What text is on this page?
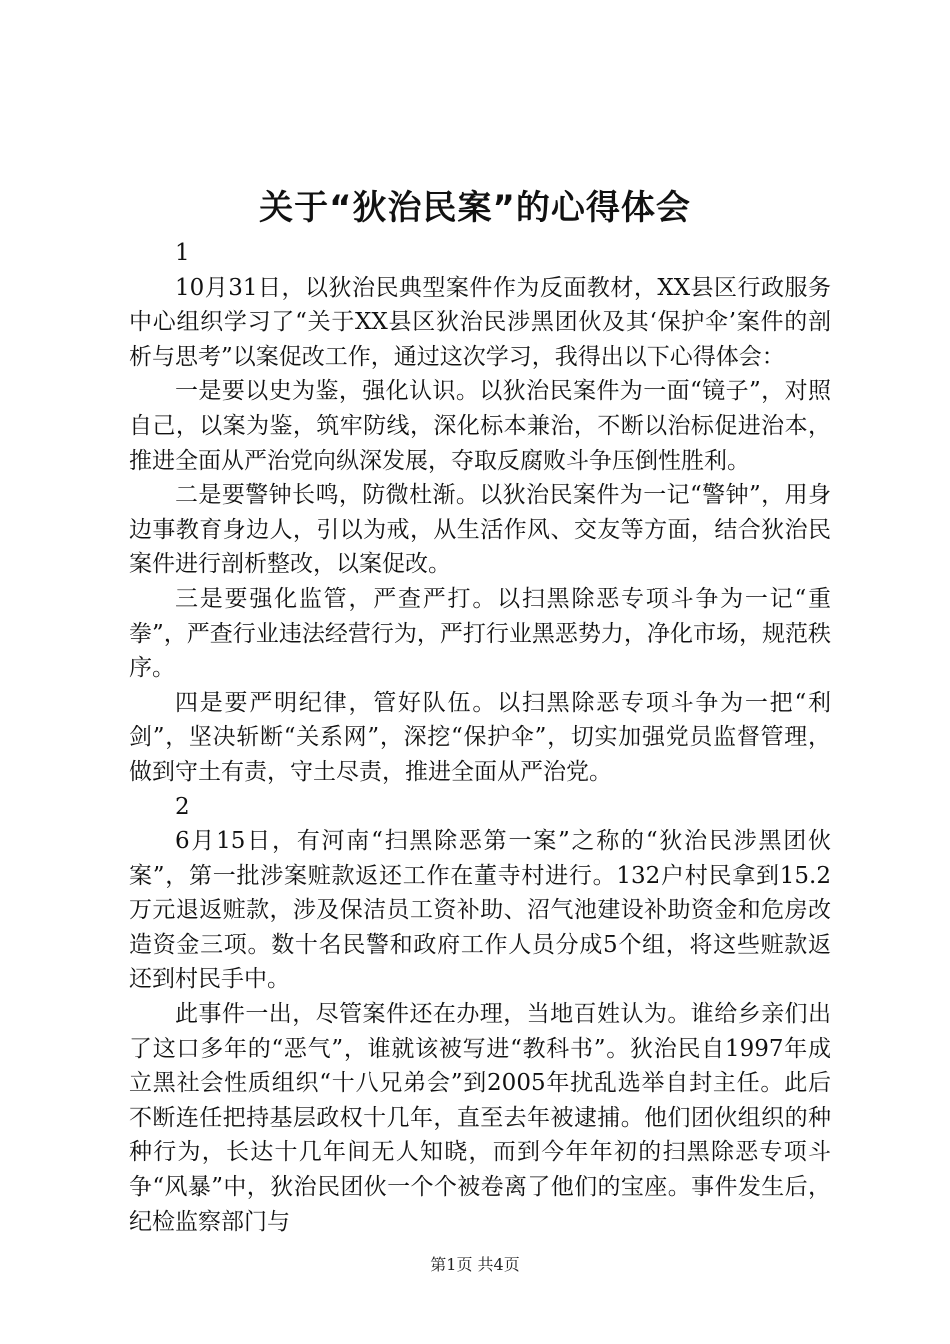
关于“狄治民案”的心得体会

1

10月31日，以狄治民典型案件作为反面教材，XX县区行政服务中心组织学习了“关于XX县区狄治民涉黑团伙及其‘保护伞’案件的剖析与思考”以案促改工作，通过这次学习，我得出以下心得体会：

一是要以史为鉴，强化认识。以狄治民案件为一面“镜子”，对照自己，以案为鉴，筑牢防线，深化标本兼治，不断以治标促进治本，推进全面从严治党向纵深发展，夺取反腐败斗争压倒性胜利。

二是要警钟长鸣，防微杜渐。以狄治民案件为一记“警钟”，用身边事教育身边人，引以为戒，从生活作风、交友等方面，结合狄治民案件进行剖析整改，以案促改。

三是要强化监管，严查严打。以扫黑除恶专项斗争为一记“重拳”，严查行业违法经营行为，严打行业黑恶势力，净化市场，规范秩序。

四是要严明纪律，管好队伍。以扫黑除恶专项斗争为一把“利剑”，坚决斩断“关系网”，深挖“保护伞”，切实加强党员监督管理，做到守土有责，守土尽责，推进全面从严治党。

2

6月15日，有河南“扫黑除恶第一案”之称的“狄治民涉黑团伙案”，第一批涉案赃款返还工作在董寺村进行。132户村民拿到15.2万元退返赃款，涉及保洁员工资补助、沼气池建设补助资金和危房改造资金三项。数十名民警和政府工作人员分成5个组，将这些赃款返还到村民手中。

此事件一出，尽管案件还在办理，当地百姓认为。谁给乡亲们出了这口多年的“恶气”，谁就该被写进“教科书”。狄治民自1997年成立黑社会性质组织“十八兄弟会”到2005年扰乱选举自封主任。此后不断连任把持基层政权十几年，直至去年被逮捕。他们团伙组织的种种行为，长达十几年间无人知晓，而到今年年初的扫黑除恶专项斗争“风暴”中，狄治民团伙一个个被卷离了他们的宝座。事件发生后，纪检监察部门与

第1页 共4页
